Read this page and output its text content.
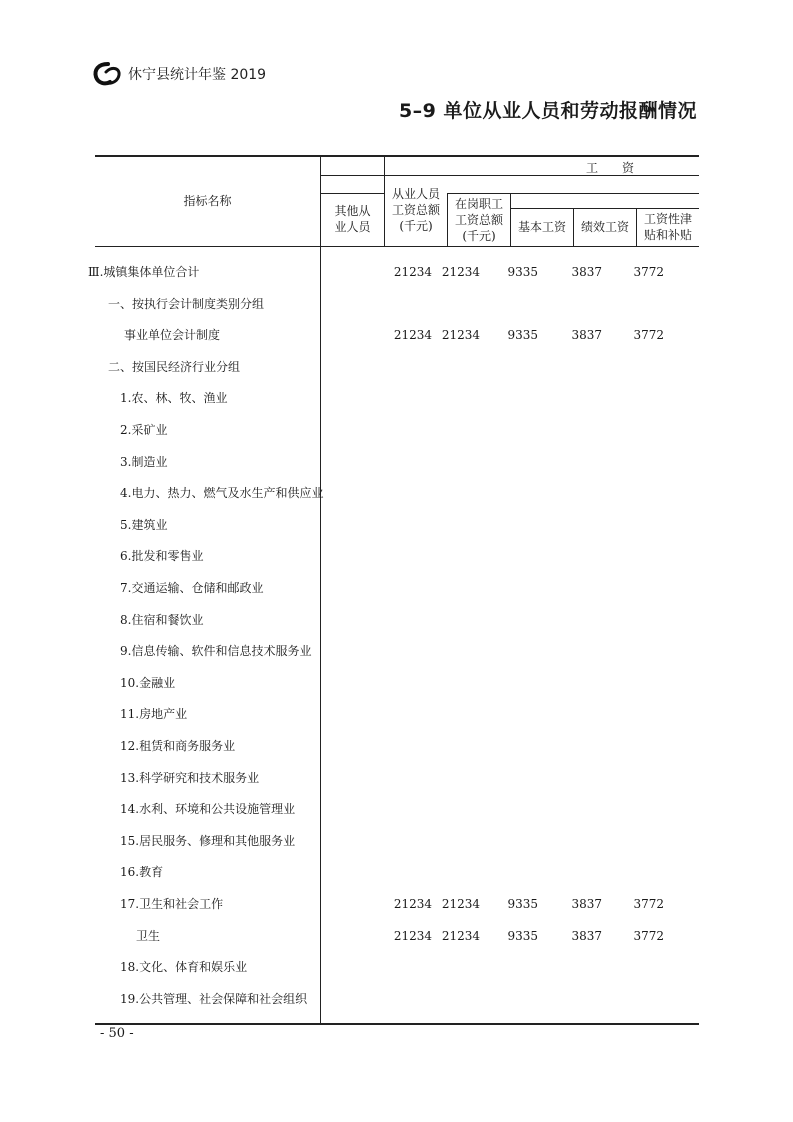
休宁县统计年鉴 2019
5–9 单位从业人员和劳动报酬情况
指标名称
工　　资
其他从
业人员
从业人员
工资总额
(千元)
在岗职工
工资总额
(千元)
基本工资	绩效工资
工资性津
贴和补贴
Ⅲ.城镇集体单位合计	21234 21234	9335	3837	3772
一、按执行会计制度类别分组
事业单位会计制度	21234 21234	9335	3837	3772
二、按国民经济行业分组
1.农、林、牧、渔业
2.采矿业
3.制造业
4.电力、热力、燃气及水生产和供应业
5.建筑业
6.批发和零售业
7.交通运输、仓储和邮政业
8.住宿和餐饮业
9.信息传输、软件和信息技术服务业
10.金融业
11.房地产业
12.租赁和商务服务业
13.科学研究和技术服务业
14.水利、环境和公共设施管理业
15.居民服务、修理和其他服务业
16.教育
17.卫生和社会工作	21234 21234	9335	3837	3772
卫生	21234 21234	9335	3837	3772
18.文化、体育和娱乐业
19.公共管理、社会保障和社会组织
- 50 -
